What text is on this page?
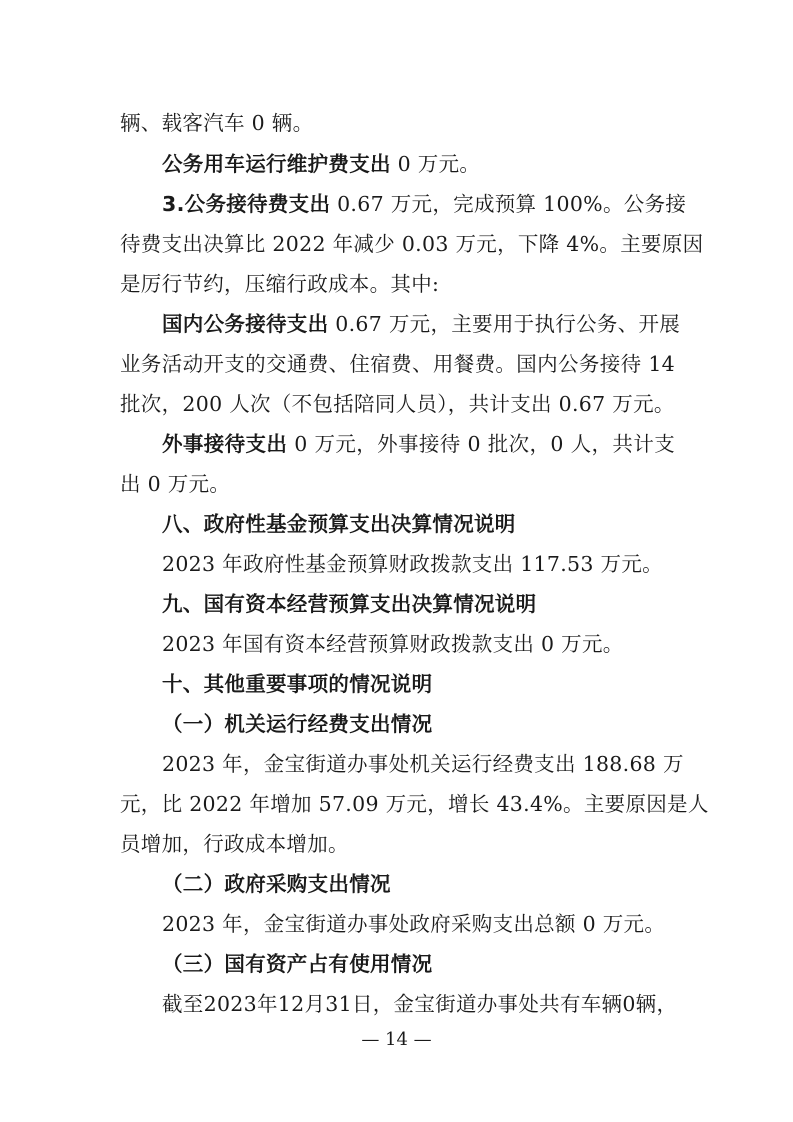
辆、载客汽车 0 辆。
公务用车运行维护费支出 0 万元。
3.公务接待费支出 0.67 万元，完成预算 100%。公务接
待费支出决算比 2022 年减少 0.03 万元，下降 4%。主要原因
是厉行节约，压缩行政成本。其中:
国内公务接待支出 0.67 万元，主要用于执行公务、开展
业务活动开支的交通费、住宿费、用餐费。国内公务接待 14
批次，200 人次（不包括陪同人员），共计支出 0.67 万元。
外事接待支出 0 万元，外事接待 0 批次，0 人，共计支
出 0 万元。
八、政府性基金预算支出决算情况说明
2023 年政府性基金预算财政拨款支出 117.53 万元。
九、国有资本经营预算支出决算情况说明
2023 年国有资本经营预算财政拨款支出 0 万元。
十、其他重要事项的情况说明
（一）机关运行经费支出情况
2023 年，金宝街道办事处机关运行经费支出 188.68 万
元，比 2022 年增加 57.09 万元，增长 43.4%。主要原因是人
员增加，行政成本增加。
（二）政府采购支出情况
2023 年，金宝街道办事处政府采购支出总额 0 万元。
（三）国有资产占有使用情况
截至2023年12月31日，金宝街道办事处共有车辆0辆，
— 14 —
